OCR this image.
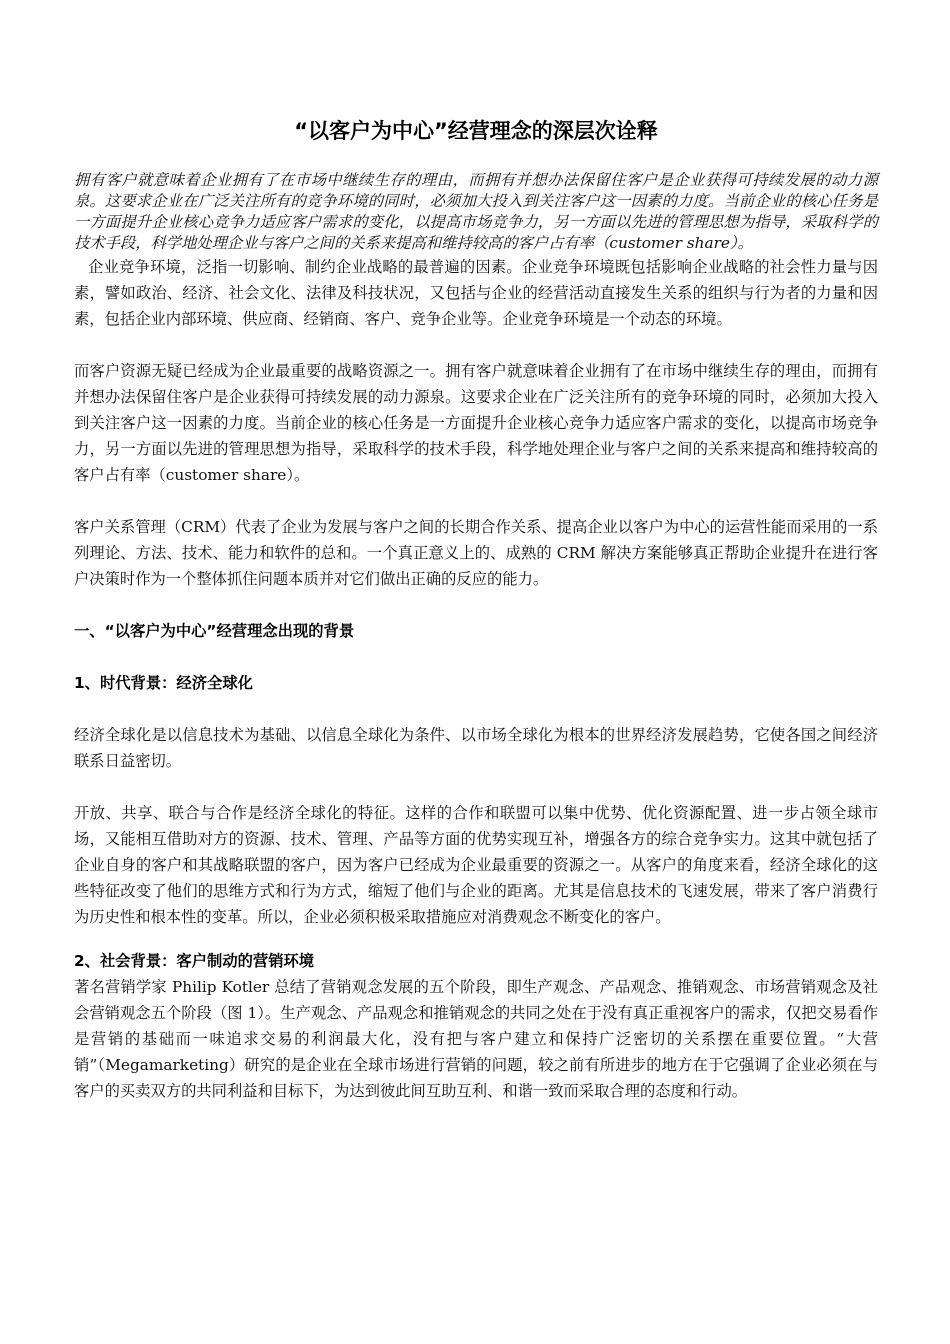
“以客户为中心”经营理念的深层次诠释

拥有客户就意味着企业拥有了在市场中继续生存的理由，而拥有并想办法保留住客户是企业获得可持续发展的动力源泉。这要求企业在广泛关注所有的竞争环境的同时，必须加大投入到关注客户这一因素的力度。当前企业的核心任务是一方面提升企业核心竞争力适应客户需求的变化，以提高市场竞争力，另一方面以先进的管理思想为指导，采取科学的技术手段，科学地处理企业与客户之间的关系来提高和维持较高的客户占有率（customer share）。

企业竞争环境，泛指一切影响、制约企业战略的最普遍的因素。企业竞争环境既包括影响企业战略的社会性力量与因素，譬如政治、经济、社会文化、法律及科技状况，又包括与企业的经营活动直接发生关系的组织与行为者的力量和因素，包括企业内部环境、供应商、经销商、客户、竞争企业等。企业竞争环境是一个动态的环境。

而客户资源无疑已经成为企业最重要的战略资源之一。拥有客户就意味着企业拥有了在市场中继续生存的理由，而拥有并想办法保留住客户是企业获得可持续发展的动力源泉。这要求企业在广泛关注所有的竞争环境的同时，必须加大投入到关注客户这一因素的力度。当前企业的核心任务是一方面提升企业核心竞争力适应客户需求的变化，以提高市场竞争力，另一方面以先进的管理思想为指导，采取科学的技术手段，科学地处理企业与客户之间的关系来提高和维持较高的客户占有率（customer share）。

客户关系管理（CRM）代表了企业为发展与客户之间的长期合作关系、提高企业以客户为中心的运营性能而采用的一系列理论、方法、技术、能力和软件的总和。一个真正意义上的、成熟的 CRM 解决方案能够真正帮助企业提升在进行客户决策时作为一个整体抓住问题本质并对它们做出正确的反应的能力。

一、“以客户为中心”经营理念出现的背景
1、时代背景：经济全球化

经济全球化是以信息技术为基础、以信息全球化为条件、以市场全球化为根本的世界经济发展趋势，它使各国之间经济联系日益密切。

开放、共享、联合与合作是经济全球化的特征。这样的合作和联盟可以集中优势、优化资源配置、进一步占领全球市场，又能相互借助对方的资源、技术、管理、产品等方面的优势实现互补，增强各方的综合竞争实力。这其中就包括了企业自身的客户和其战略联盟的客户，因为客户已经成为企业最重要的资源之一。从客户的角度来看，经济全球化的这些特征改变了他们的思维方式和行为方式，缩短了他们与企业的距离。尤其是信息技术的飞速发展，带来了客户消费行为历史性和根本性的变革。所以，企业必须积极采取措施应对消费观念不断变化的客户。

2、社会背景：客户制动的营销环境

著名营销学家 Philip Kotler 总结了营销观念发展的五个阶段，即生产观念、产品观念、推销观念、市场营销观念及社会营销观念五个阶段（图 1）。生产观念、产品观念和推销观念的共同之处在于没有真正重视客户的需求，仅把交易看作是营销的基础而一味追求交易的利润最大化，没有把与客户建立和保持广泛密切的关系摆在重要位置。“大营销”（Megamarketing）研究的是企业在全球市场进行营销的问题，较之前有所进步的地方在于它强调了企业必须在与客户的买卖双方的共同利益和目标下，为达到彼此间互助互利、和谐一致而采取合理的态度和行动。
